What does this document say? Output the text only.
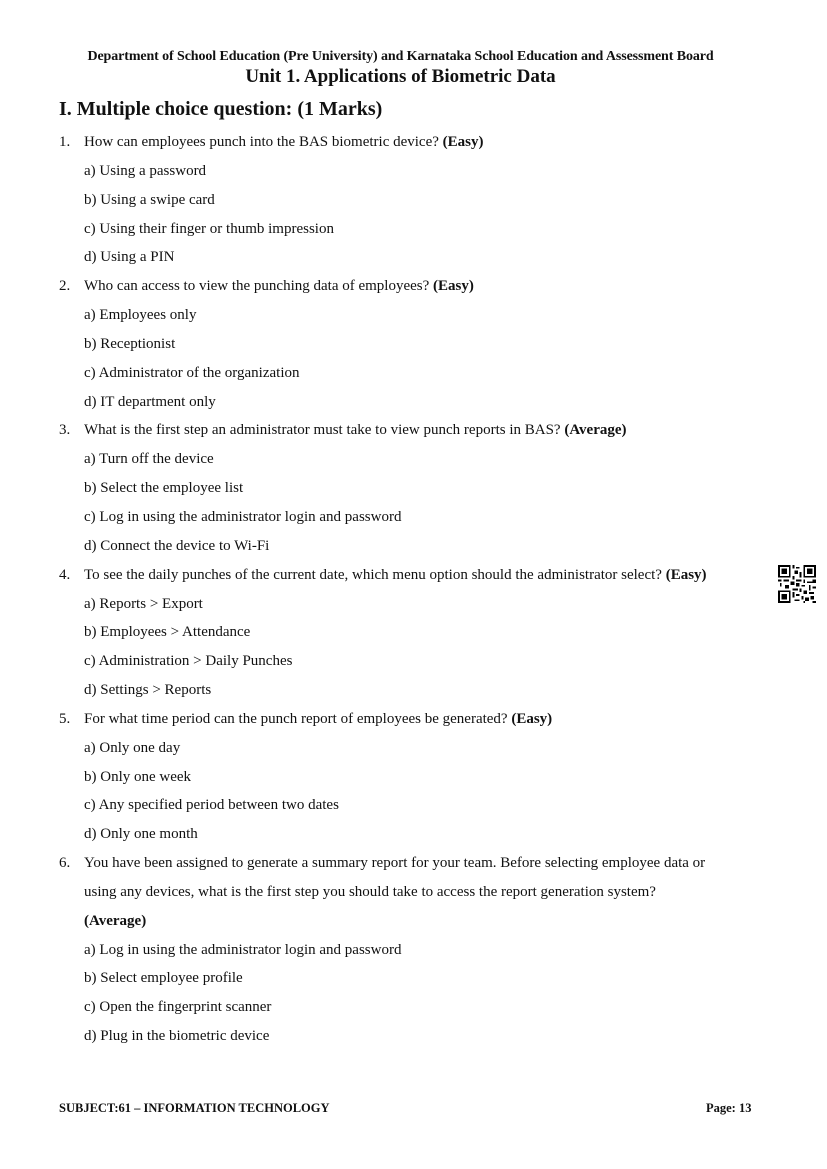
Department of School Education (Pre University) and Karnataka School Education and Assessment Board
Unit 1. Applications of Biometric Data
I. Multiple choice question: (1 Marks)
1. How can employees punch into the BAS biometric device? (Easy)
a) Using a password
b) Using a swipe card
c) Using their finger or thumb impression
d) Using a PIN
2. Who can access to view the punching data of employees? (Easy)
a) Employees only
b) Receptionist
c) Administrator of the organization
d) IT department only
3. What is the first step an administrator must take to view punch reports in BAS? (Average)
a) Turn off the device
b) Select the employee list
c) Log in using the administrator login and password
d) Connect the device to Wi-Fi
4. To see the daily punches of the current date, which menu option should the administrator select? (Easy)
a) Reports > Export
b) Employees > Attendance
c) Administration > Daily Punches
d) Settings > Reports
5. For what time period can the punch report of employees be generated? (Easy)
a) Only one day
b) Only one week
c) Any specified period between two dates
d) Only one month
6. You have been assigned to generate a summary report for your team. Before selecting employee data or
using any devices, what is the first step you should take to access the report generation system?
(Average)
a) Log in using the administrator login and password
b) Select employee profile
c) Open the fingerprint scanner
d) Plug in the biometric device
SUBJECT:61 – INFORMATION TECHNOLOGY	Page: 13
